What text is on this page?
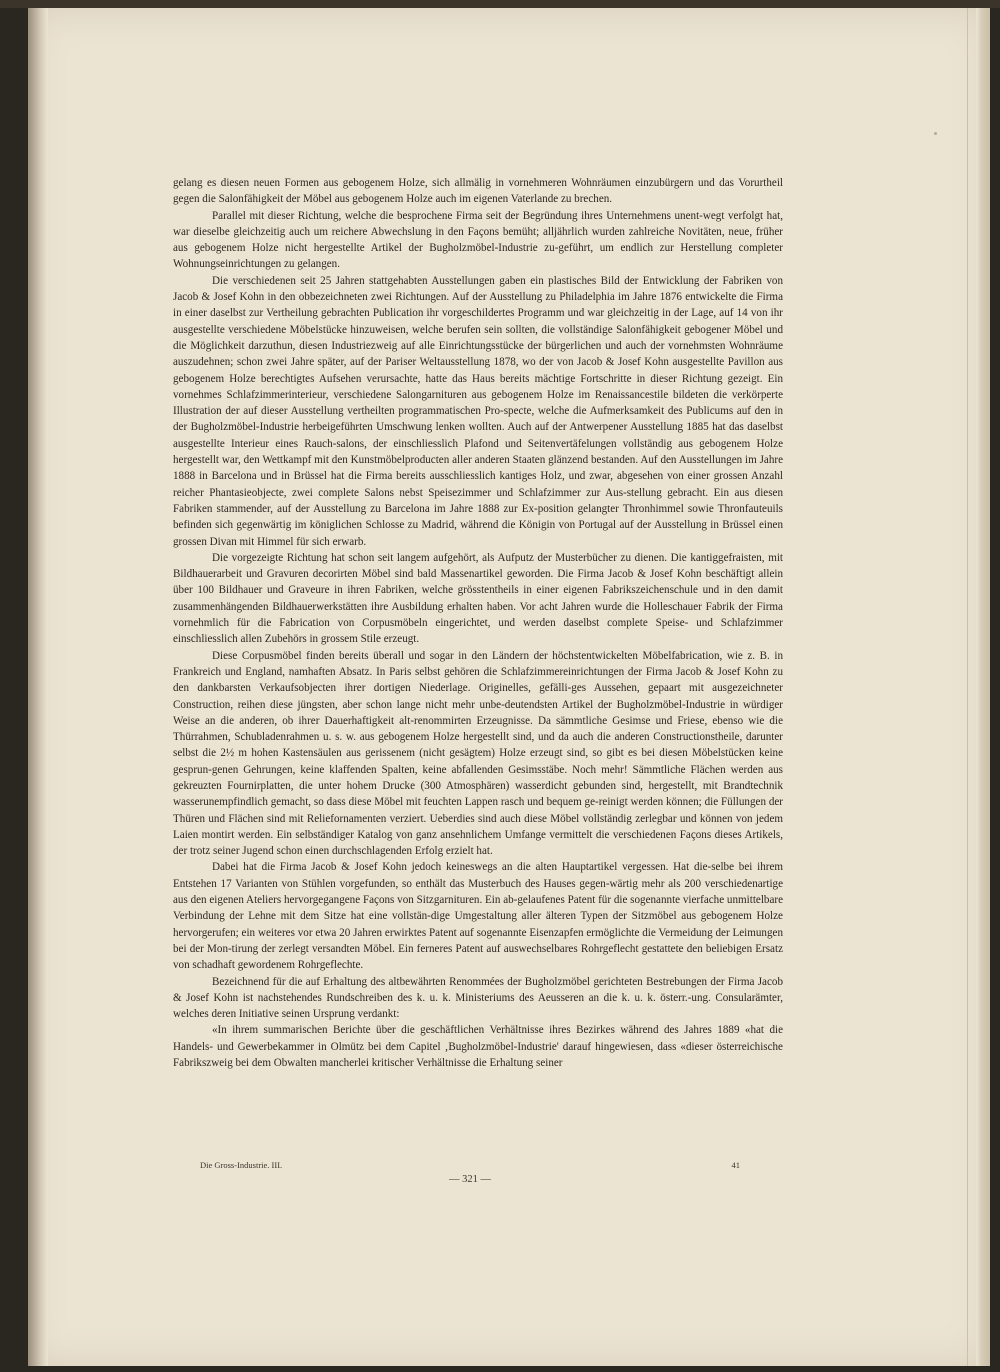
gelang es diesen neuen Formen aus gebogenem Holze, sich allmälig in vornehmeren Wohnräumen einzubürgern und das Vorurtheil gegen die Salonfähigkeit der Möbel aus gebogenem Holze auch im eigenen Vaterlande zu brechen.

Parallel mit dieser Richtung, welche die besprochene Firma seit der Begründung ihres Unternehmens unent-wegt verfolgt hat, war dieselbe gleichzeitig auch um reichere Abwechslung in den Façons bemüht; alljährlich wurden zahlreiche Novitäten, neue, früher aus gebogenem Holze nicht hergestellte Artikel der Bugholzmöbel-Industrie zu-geführt, um endlich zur Herstellung completer Wohnungseinrichtungen zu gelangen.

Die verschiedenen seit 25 Jahren stattgehabten Ausstellungen gaben ein plastisches Bild der Entwicklung der Fabriken von Jacob & Josef Kohn in den obbezeichneten zwei Richtungen. Auf der Ausstellung zu Philadelphia im Jahre 1876 entwickelte die Firma in einer daselbst zur Vertheilung gebrachten Publication ihr vorgeschildertes Programm und war gleichzeitig in der Lage, auf 14 von ihr ausgestellte verschiedene Möbelstücke hinzuweisen, welche berufen sein sollten, die vollständige Salonfähigkeit gebogener Möbel und die Möglichkeit darzuthun, diesen Industriezweig auf alle Einrichtungsstücke der bürgerlichen und auch der vornehmsten Wohnräume auszudehnen; schon zwei Jahre später, auf der Pariser Weltausstellung 1878, wo der von Jacob & Josef Kohn ausgestellte Pavillon aus gebogenem Holze berechtigtes Aufsehen verursachte, hatte das Haus bereits mächtige Fortschritte in dieser Richtung gezeigt. Ein vornehmes Schlafzimmerinterieur, verschiedene Salongarnituren aus gebogenem Holze im Renaissancestile bildeten die verkörperte Illustration der auf dieser Ausstellung vertheilten programmatischen Pro-specte, welche die Aufmerksamkeit des Publicums auf den in der Bugholzmöbel-Industrie herbeigeführten Umschwung lenken wollten. Auch auf der Antwerpener Ausstellung 1885 hat das daselbst ausgestellte Interieur eines Rauch-salons, der einschliesslich Plafond und Seitenvertäfelungen vollständig aus gebogenem Holze hergestellt war, den Wettkampf mit den Kunstmöbelproducten aller anderen Staaten glänzend bestanden. Auf den Ausstellungen im Jahre 1888 in Barcelona und in Brüssel hat die Firma bereits ausschliesslich kantiges Holz, und zwar, abgesehen von einer grossen Anzahl reicher Phantasieobjecte, zwei complete Salons nebst Speisezimmer und Schlafzimmer zur Aus-stellung gebracht. Ein aus diesen Fabriken stammender, auf der Ausstellung zu Barcelona im Jahre 1888 zur Ex-position gelangter Thronhimmel sowie Thronfauteuils befinden sich gegenwärtig im königlichen Schlosse zu Madrid, während die Königin von Portugal auf der Ausstellung in Brüssel einen grossen Divan mit Himmel für sich erwarb.

Die vorgezeigte Richtung hat schon seit langem aufgehört, als Aufputz der Musterbücher zu dienen. Die kantiggefraisten, mit Bildhauerarbeit und Gravuren decorirten Möbel sind bald Massenartikel geworden. Die Firma Jacob & Josef Kohn beschäftigt allein über 100 Bildhauer und Graveure in ihren Fabriken, welche grösstentheils in einer eigenen Fabrikszeichenschule und in den damit zusammenhängenden Bildhauerwerkstätten ihre Ausbildung erhalten haben. Vor acht Jahren wurde die Holleschauer Fabrik der Firma vornehmlich für die Fabrication von Corpusmöbeln eingerichtet, und werden daselbst complete Speise- und Schlafzimmer einschliesslich allen Zubehörs in grossem Stile erzeugt.

Diese Corpusmöbel finden bereits überall und sogar in den Ländern der höchstentwickelten Möbelfabrication, wie z. B. in Frankreich und England, namhaften Absatz. In Paris selbst gehören die Schlafzimmereinrichtungen der Firma Jacob & Josef Kohn zu den dankbarsten Verkaufsobjecten ihrer dortigen Niederlage. Originelles, gefälli-ges Aussehen, gepaart mit ausgezeichneter Construction, reihen diese jüngsten, aber schon lange nicht mehr unbe-deutendsten Artikel der Bugholzmöbel-Industrie in würdiger Weise an die anderen, ob ihrer Dauerhaftigkeit alt-renommirten Erzeugnisse. Da sämmtliche Gesimse und Friese, ebenso wie die Thürrahmen, Schubladenrahmen u. s. w. aus gebogenem Holze hergestellt sind, und da auch die anderen Constructionstheile, darunter selbst die 2½ m hohen Kastensäulen aus gerissenem (nicht gesägtem) Holze erzeugt sind, so gibt es bei diesen Möbelstücken keine gesprun-genen Gehrungen, keine klaffenden Spalten, keine abfallenden Gesimsstäbe. Noch mehr! Sämmtliche Flächen werden aus gekreuzten Fournirplatten, die unter hohem Drucke (300 Atmosphären) wasserdicht gebunden sind, hergestellt, mit Brandtechnik wasserunempfindlich gemacht, so dass diese Möbel mit feuchten Lappen rasch und bequem ge-reinigt werden können; die Füllungen der Thüren und Flächen sind mit Reliefornamenten verziert. Ueberdies sind auch diese Möbel vollständig zerlegbar und können von jedem Laien montirt werden. Ein selbständiger Katalog von ganz ansehnlichem Umfange vermittelt die verschiedenen Façons dieses Artikels, der trotz seiner Jugend schon einen durchschlagenden Erfolg erzielt hat.

Dabei hat die Firma Jacob & Josef Kohn jedoch keineswegs an die alten Hauptartikel vergessen. Hat die-selbe bei ihrem Entstehen 17 Varianten von Stühlen vorgefunden, so enthält das Musterbuch des Hauses gegen-wärtig mehr als 200 verschiedenartige aus den eigenen Ateliers hervorgegangene Façons von Sitzgarnituren. Ein ab-gelaufenes Patent für die sogenannte vierfache unmittelbare Verbindung der Lehne mit dem Sitze hat eine vollstän-dige Umgestaltung aller älteren Typen der Sitzmöbel aus gebogenem Holze hervorgerufen; ein weiteres vor etwa 20 Jahren erwirktes Patent auf sogenannte Eisenzapfen ermöglichte die Vermeidung der Leimungen bei der Mon-tirung der zerlegt versandten Möbel. Ein ferneres Patent auf auswechselbares Rohrgeflecht gestattete den beliebigen Ersatz von schadhaft gewordenem Rohrgeflechte.

Bezeichnend für die auf Erhaltung des altbewährten Renommées der Bugholzmöbel gerichteten Bestrebungen der Firma Jacob & Josef Kohn ist nachstehendes Rundschreiben des k. u. k. Ministeriums des Aeusseren an die k. u. k. österr.-ung. Consularämter, welches deren Initiative seinen Ursprung verdankt:

«In ihrem summarischen Berichte über die geschäftlichen Verhältnisse ihres Bezirkes während des Jahres 1889 «hat die Handels- und Gewerbekammer in Olmütz bei dem Capitel ‚Bugholzmöbel-Industrie' darauf hingewiesen, dass «dieser österreichische Fabrikszweig bei dem Obwalten mancherlei kritischer Verhältnisse die Erhaltung seiner

Die Gross-Industrie. III.	41
— 321 —
